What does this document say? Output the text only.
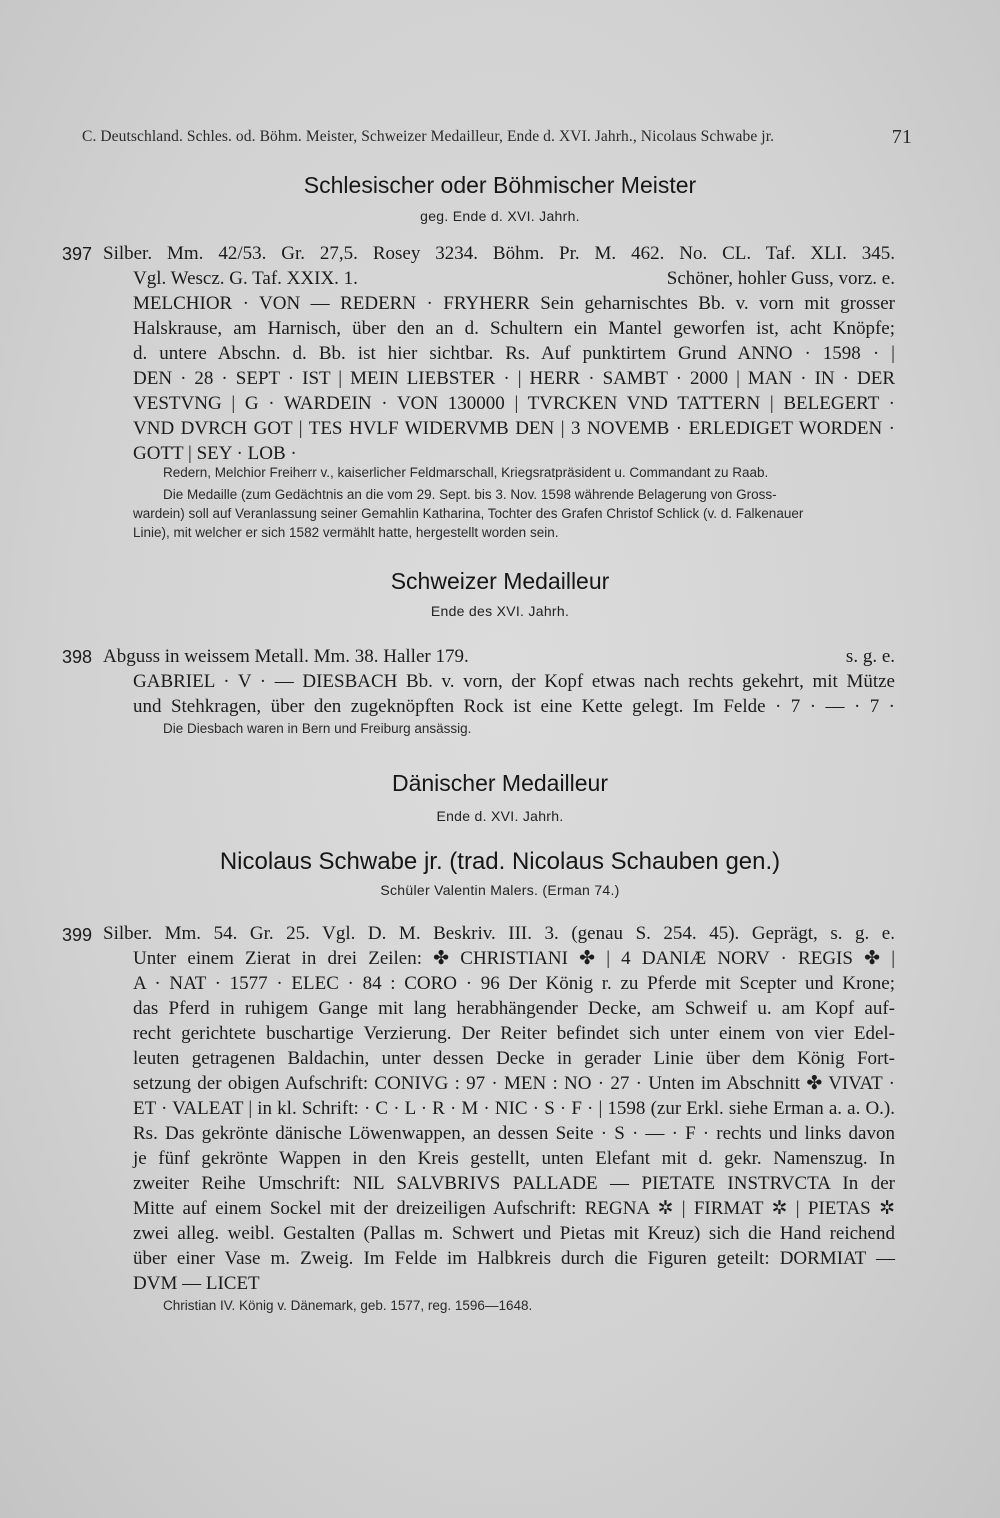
C. Deutschland. Schles. od. Böhm. Meister, Schweizer Medailleur, Ende d. XVI. Jahrh., Nicolaus Schwabe jr.	71
Schlesischer oder Böhmischer Meister
geg. Ende d. XVI. Jahrh.
397 Silber. Mm. 42/53. Gr. 27,5. Rosey 3234. Böhm. Pr. M. 462. No. CL. Taf. XLI. 345.
Vgl. Wescz. G. Taf. XXIX. 1.	Schöner, hohler Guss, vorz. e.
MELCHIOR · VON — REDERN · FRYHERR Sein geharnischtes Bb. v. vorn mit grosser
Halskrause, am Harnisch, über den an d. Schultern ein Mantel geworfen ist, acht Knöpfe;
d. untere Abschn. d. Bb. ist hier sichtbar. Rs. Auf punktirtem Grund ANNO · 1598 · |
DEN · 28 · SEPT · IST | MEIN LIEBSTER · | HERR · SAMBT · 2000 | MAN · IN · DER
VESTVNG | G · WARDEIN · VON 130000 | TVRCKEN VND TATTERN | BELEGERT ·
VND DVRCH GOT | TES HVLF WIDERVMB DEN | 3 NOVEMB · ERLEDIGET WORDEN ·
GOTT | SEY · LOB ·
Redern, Melchior Freiherr v., kaiserlicher Feldmarschall, Kriegsratpräsident u. Commandant zu Raab.
Die Medaille (zum Gedächtnis an die vom 29. Sept. bis 3. Nov. 1598 währende Belagerung von Gross-
wardein) soll auf Veranlassung seiner Gemahlin Katharina, Tochter des Grafen Christof Schlick (v. d. Falkenauer
Linie), mit welcher er sich 1582 vermählt hatte, hergestellt worden sein.
Schweizer Medailleur
Ende des XVI. Jahrh.
398 Abguss in weissem Metall. Mm. 38. Haller 179.	s. g. e.
GABRIEL · V · — DIESBACH Bb. v. vorn, der Kopf etwas nach rechts gekehrt, mit Mütze
und Stehkragen, über den zugeknöpften Rock ist eine Kette gelegt. Im Felde · 7 · — · 7 ·
Die Diesbach waren in Bern und Freiburg ansässig.
Dänischer Medailleur
Ende d. XVI. Jahrh.
Nicolaus Schwabe jr. (trad. Nicolaus Schauben gen.)
Schüler Valentin Malers. (Erman 74.)
399 Silber. Mm. 54. Gr. 25. Vgl. D. M. Beskriv. III. 3. (genau S. 254. 45). Geprägt, s. g. e.
Unter einem Zierat in drei Zeilen: ✤ CHRISTIANI ✤ | 4 DANIÆ NORV · REGIS ✤ |
A · NAT · 1577 · ELEC · 84 : CORO · 96 Der König r. zu Pferde mit Scepter und Krone;
das Pferd in ruhigem Gange mit lang herabhängender Decke, am Schweif u. am Kopf auf-
recht gerichtete buschartige Verzierung. Der Reiter befindet sich unter einem von vier Edel-
leuten getragenen Baldachin, unter dessen Decke in gerader Linie über dem König Fort-
setzung der obigen Aufschrift: CONIVG : 97 · MEN : NO · 27 · Unten im Abschnitt ✤ VIVAT ·
ET · VALEAT | in kl. Schrift: · C · L · R · M · NIC · S · F · | 1598 (zur Erkl. siehe Erman a. a. O.).
Rs. Das gekrönte dänische Löwenwappen, an dessen Seite · S · — · F · rechts und links davon
je fünf gekrönte Wappen in den Kreis gestellt, unten Elefant mit d. gekr. Namenszug. In
zweiter Reihe Umschrift: NIL SALVBRIVS PALLADE — PIETATE INSTRVCTA In der
Mitte auf einem Sockel mit der dreizeiligen Aufschrift: REGNA ✲ | FIRMAT ✲ | PIETAS ✲
zwei alleg. weibl. Gestalten (Pallas m. Schwert und Pietas mit Kreuz) sich die Hand reichend
über einer Vase m. Zweig. Im Felde im Halbkreis durch die Figuren geteilt: DORMIAT —
DVM — LICET
Christian IV. König v. Dänemark, geb. 1577, reg. 1596—1648.
